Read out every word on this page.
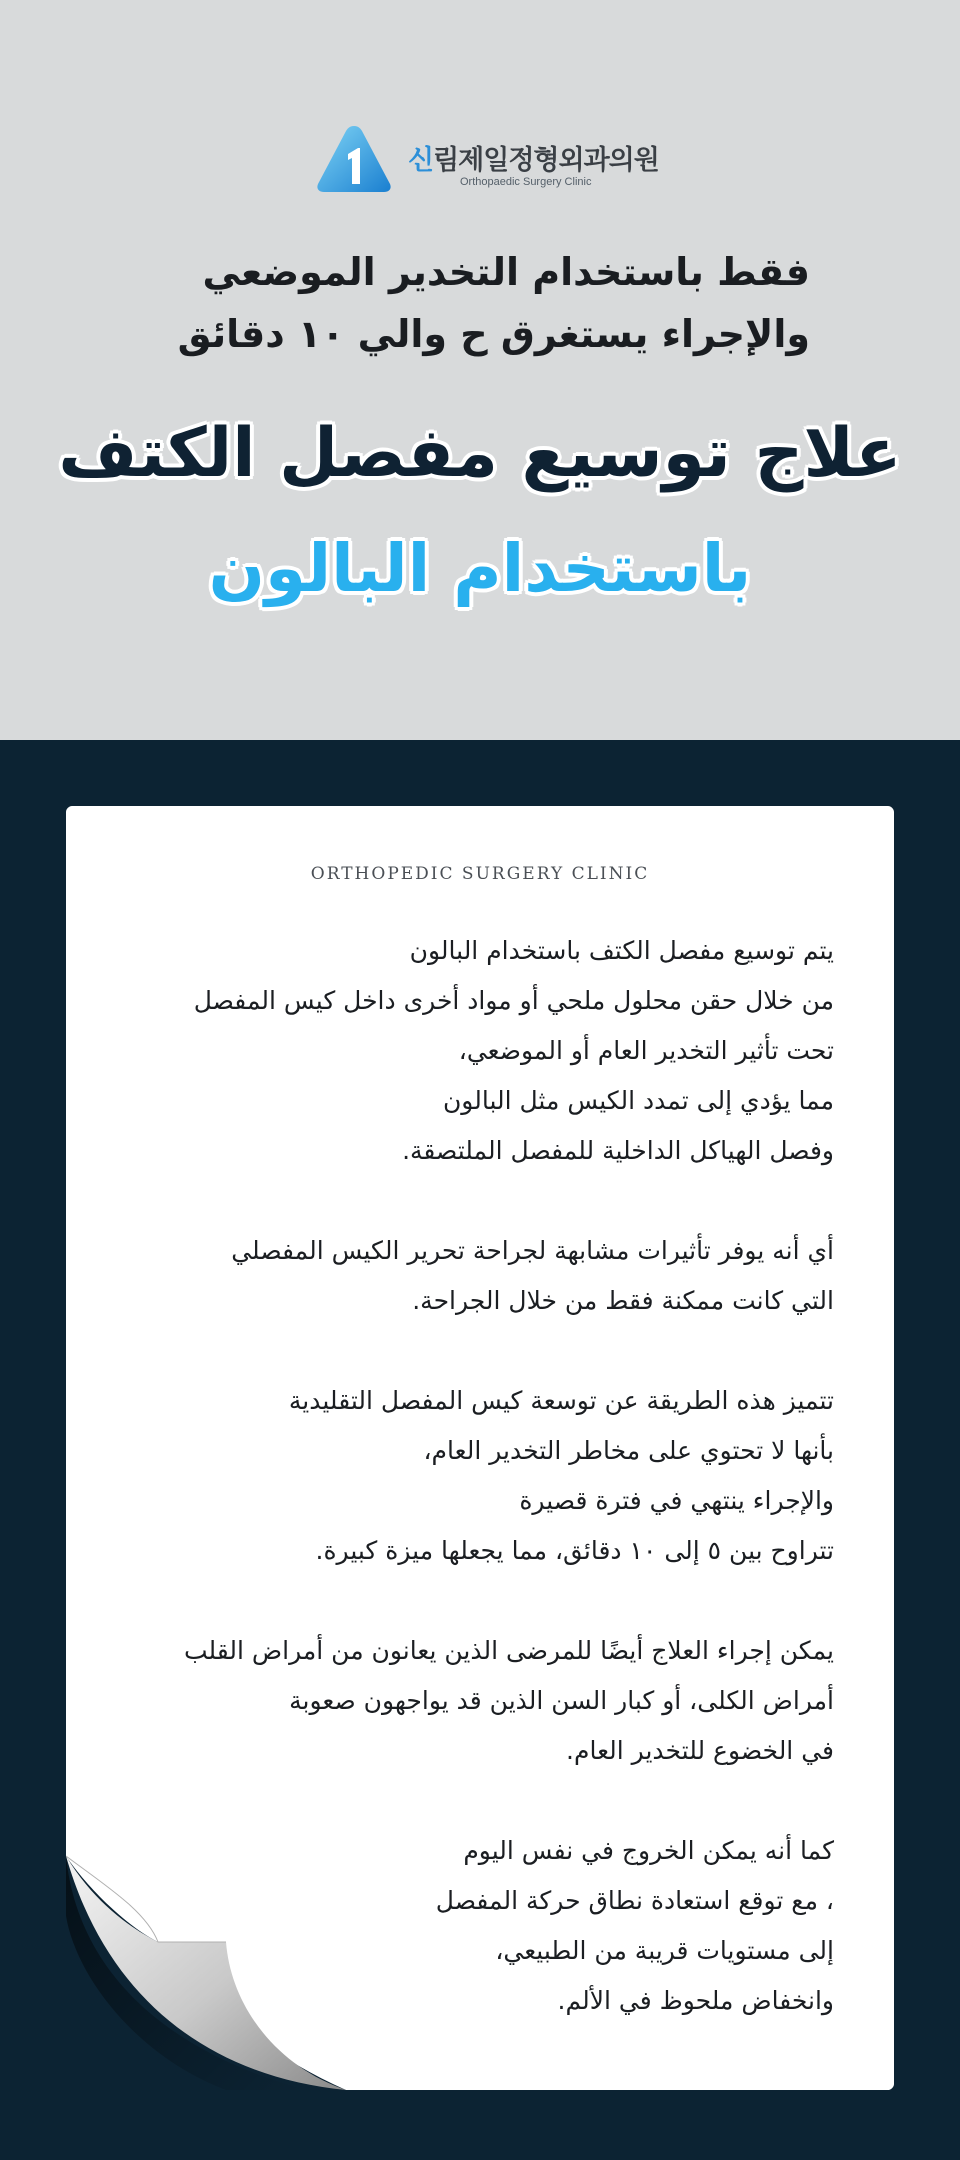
신림제일정형외과의원
Orthopaedic Surgery Clinic
فقط باستخدام التخدير الموضعي
والإجراء يستغرق ح والي ١٠ دقائق
علاج توسيع مفصل الكتف
باستخدام البالون
ORTHOPEDIC SURGERY CLINIC
يتم توسيع مفصل الكتف باستخدام البالون
من خلال حقن محلول ملحي أو مواد أخرى داخل كيس المفصل
تحت تأثير التخدير العام أو الموضعي،
مما يؤدي إلى تمدد الكيس مثل البالون
وفصل الهياكل الداخلية للمفصل الملتصقة.
أي أنه يوفر تأثيرات مشابهة لجراحة تحرير الكيس المفصلي
التي كانت ممكنة فقط من خلال الجراحة.
تتميز هذه الطريقة عن توسعة كيس المفصل التقليدية
بأنها لا تحتوي على مخاطر التخدير العام،
والإجراء ينتهي في فترة قصيرة
تتراوح بين ٥ إلى ١٠ دقائق، مما يجعلها ميزة كبيرة.
يمكن إجراء العلاج أيضًا للمرضى الذين يعانون من أمراض القلب
أمراض الكلى، أو كبار السن الذين قد يواجهون صعوبة
في الخضوع للتخدير العام.
كما أنه يمكن الخروج في نفس اليوم
، مع توقع استعادة نطاق حركة المفصل
إلى مستويات قريبة من الطبيعي،
وانخفاض ملحوظ في الألم.
